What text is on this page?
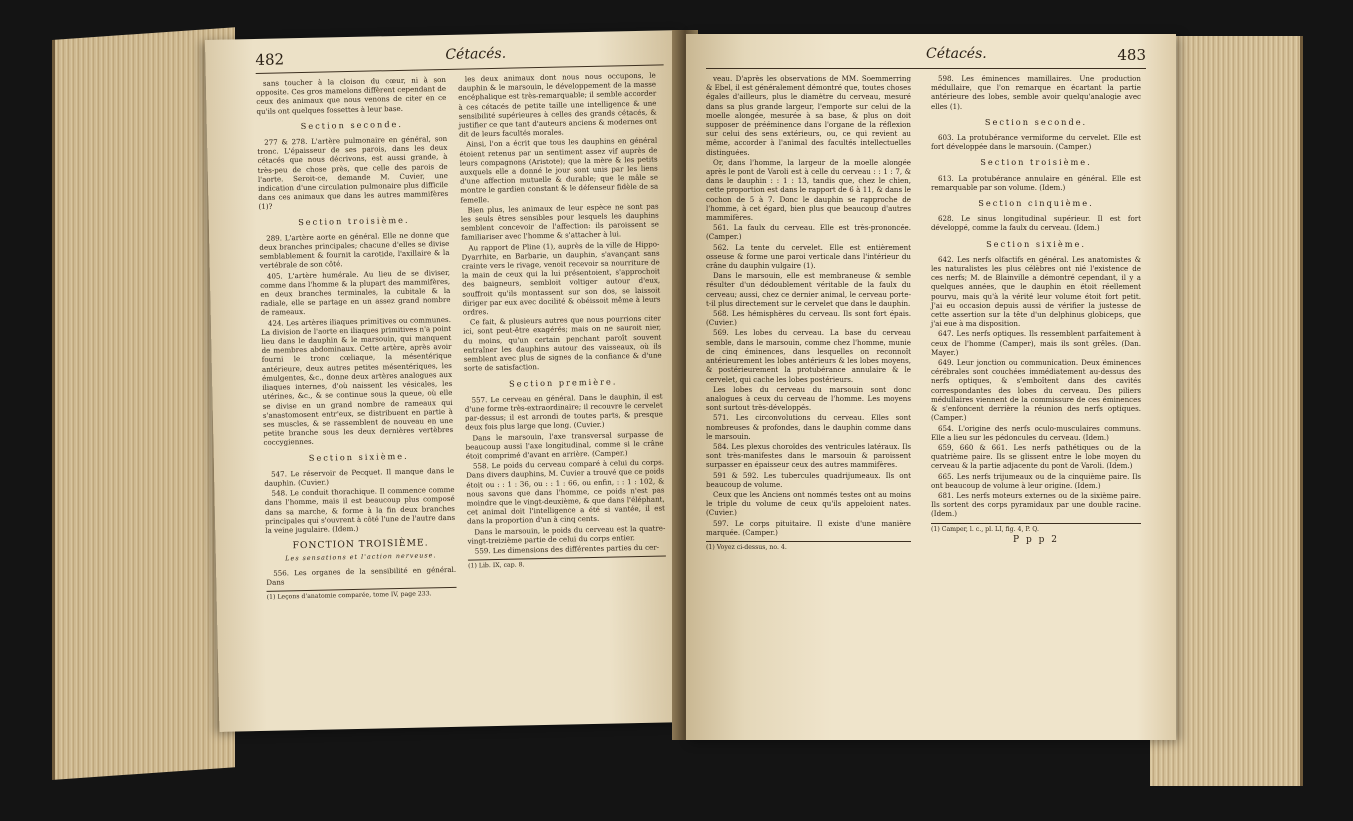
482	Cétacés.

sans toucher à la cloison du cœur, ni à son opposite. Ces gros mamelons diffèrent cependant de ceux des animaux que nous venons de citer en ce qu'ils ont quelques fossettes à leur base.

Section seconde.

277 & 278. L'artère pulmonaire en général, son tronc. L'épaisseur de ses parois, dans les deux cétacés que nous décrivons, est aussi grande, à très-peu de chose près, que celle des parois de l'aorte. Seroit-ce, demande M. Cuvier, une indication d'une circulation pulmonaire plus difficile dans ces animaux que dans les autres mammifères (1)?

Section troisième.

289. L'artère aorte en général. Elle ne donne que deux branches principales; chacune d'elles se divise semblablement & fournit la carotide, l'axillaire & la vertébrale de son côté.

405. L'artère humérale. Au lieu de se diviser, comme dans l'homme & la plupart des mammifères, en deux branches terminales, la cubitale & la radiale, elle se partage en un assez grand nombre de rameaux.

424. Les artères iliaques primitives ou communes. La division de l'aorte en iliaques primitives n'a point lieu dans le dauphin & le marsouin, qui manquent de membres abdominaux. Cette artère, après avoir fourni le tronc cœliaque, la mésentérique antérieure, deux autres petites mésentériques, les émulgentes, &c., donne deux artères analogues aux iliaques internes, d'où naissent les vésicales, les utérines, &c., & se continue sous la queue, où elle se divise en un grand nombre de rameaux qui s'anastomosent entr'eux, se distribuent en partie à ses muscles, & se rassemblent de nouveau en une petite branche sous les deux dernières vertèbres coccygiennes.

Section sixième.

547. Le réservoir de Pecquet. Il manque dans le dauphin. (Cuvier.)

548. Le conduit thorachique. Il commence comme dans l'homme, mais il est beaucoup plus composé dans sa marche, & forme à la fin deux branches principales qui s'ouvrent à côté l'une de l'autre dans la veine jugulaire. (Idem.)

FONCTION TROISIÈME.

Les sensations et l'action nerveuse.

556. Les organes de la sensibilité en général. Dans

(1) Leçons d'anatomie comparée, tome IV, page 233.

les deux animaux dont nous nous occupons, le dauphin & le marsouin, le développement de la masse encéphalique est très-remarquable; il semble accorder à ces cétacés de petite taille une intelligence & une sensibilité supérieures à celles des grands cétacés, & justifier ce que tant d'auteurs anciens & modernes ont dit de leurs facultés morales.

Ainsi, l'on a écrit que tous les dauphins en général étoient retenus par un sentiment assez vif auprès de leurs compagnons (Aristote); que la mère & les petits auxquels elle a donné le jour sont unis par les liens d'une affection mutuelle & durable; que le mâle se montre le gardien constant & le défenseur fidèle de sa femelle.

Bien plus, les animaux de leur espèce ne sont pas les seuls êtres sensibles pour lesquels les dauphins semblent concevoir de l'affection: ils paroissent se familiariser avec l'homme & s'attacher à lui.

Au rapport de Pline (1), auprès de la ville de Hippo-Dyarrhite, en Barbarie, un dauphin, s'avançant sans crainte vers le rivage, venoit recevoir sa nourriture de la main de ceux qui la lui présentoient, s'approchoit des baigneurs, sembloit voltiger autour d'eux, souffroit qu'ils montassent sur son dos, se laissoit diriger par eux avec docilité & obéissoit même à leurs ordres.

Ce fait, & plusieurs autres que nous pourrions citer ici, sont peut-être exagérés; mais on ne sauroit nier, du moins, qu'un certain penchant paroît souvent entraîner les dauphins autour des vaisseaux, où ils semblent avec plus de signes de la confiance & d'une sorte de satisfaction.

Section première.

557. Le cerveau en général. Dans le dauphin, il est d'une forme très-extraordinaire; il recouvre le cervelet par-dessus; il est arrondi de toutes parts, & presque deux fois plus large que long. (Cuvier.)

Dans le marsouin, l'axe transversal surpasse de beaucoup aussi l'axe longitudinal, comme si le crâne étoit comprimé d'avant en arrière. (Camper.)

558. Le poids du cerveau comparé à celui du corps. Dans divers dauphins, M. Cuvier a trouvé que ce poids étoit ou : : 1 : 36, ou : : 1 : 66, ou enfin, : : 1 : 102, & nous savons que dans l'homme, ce poids n'est pas moindre que le vingt-deuxième, & que dans l'éléphant, cet animal doit l'intelligence a été si vantée, il est dans la proportion d'un à cinq cents.

Dans le marsouin, le poids du cerveau est la quatre-vingt-treizième partie de celui du corps entier.

559. Les dimensions des différentes parties du cer-

(1) Lib. IX, cap. 8.

Cétacés.	483

veau. D'après les observations de MM. Soemmerring & Ebel, il est généralement démontré que, toutes choses égales d'ailleurs, plus le diamètre du cerveau, mesuré dans sa plus grande largeur, l'emporte sur celui de la moelle alongée, mesurée à sa base, & plus on doit supposer de prééminence dans l'organe de la réflexion sur celui des sens extérieurs, ou, ce qui revient au même, accorder à l'animal des facultés intellectuelles distinguées.

Or, dans l'homme, la largeur de la moelle alongée après le pont de Varoli est à celle du cerveau : : 1 : 7, & dans le dauphin : : 1 : 13, tandis que, chez le chien, cette proportion est dans le rapport de 6 à 11, & dans le cochon de 5 à 7. Donc le dauphin se rapproche de l'homme, à cet égard, bien plus que beaucoup d'autres mammifères.

561. La faulx du cerveau. Elle est très-prononcée. (Camper.)

562. La tente du cervelet. Elle est entièrement osseuse & forme une paroi verticale dans l'intérieur du crâne du dauphin vulgaire (1).

Dans le marsouin, elle est membraneuse & semble résulter d'un dédoublement véritable de la faulx du cerveau; aussi, chez ce dernier animal, le cerveau porte-t-il plus directement sur le cervelet que dans le dauphin.

568. Les hémisphères du cerveau. Ils sont fort épais. (Cuvier.)

569. Les lobes du cerveau. La base du cerveau semble, dans le marsouin, comme chez l'homme, munie de cinq éminences, dans lesquelles on reconnoît antérieurement les lobes antérieurs & les lobes moyens, & postérieurement la protubérance annulaire & le cervelet, qui cache les lobes postérieurs.

Les lobes du cerveau du marsouin sont donc analogues à ceux du cerveau de l'homme. Les moyens sont surtout très-développés.

571. Les circonvolutions du cerveau. Elles sont nombreuses & profondes, dans le dauphin comme dans le marsouin.

584. Les plexus choroïdes des ventricules latéraux. Ils sont très-manifestes dans le marsouin & paroissent surpasser en épaisseur ceux des autres mammifères.

591 & 592. Les tubercules quadrijumeaux. Ils ont beaucoup de volume.

Ceux que les Anciens ont nommés testes ont au moins le triple du volume de ceux qu'ils appeloient nates. (Cuvier.)

597. Le corps pituitaire. Il existe d'une manière marquée. (Camper.)

(1) Voyez ci-dessus, no. 4.

598. Les éminences mamillaires. Une production médullaire, que l'on remarque en écartant la partie antérieure des lobes, semble avoir quelqu'analogie avec elles (1).

Section seconde.

603. La protubérance vermiforme du cervelet. Elle est fort développée dans le marsouin. (Camper.)

Section troisième.

613. La protubérance annulaire en général. Elle est remarquable par son volume. (Idem.)

Section cinquième.

628. Le sinus longitudinal supérieur. Il est fort développé, comme la faulx du cerveau. (Idem.)

Section sixième.

642. Les nerfs olfactifs en général. Les anatomistes & les naturalistes les plus célèbres ont nié l'existence de ces nerfs; M. de Blainville a démontré cependant, il y a quelques années, que le dauphin en étoit réellement pourvu, mais qu'à la vérité leur volume étoit fort petit. J'ai eu occasion depuis aussi de vérifier la justesse de cette assertion sur la tête d'un delphinus globiceps, que j'ai eue à ma disposition.

647. Les nerfs optiques. Ils ressemblent parfaitement à ceux de l'homme (Camper), mais ils sont grêles. (Dan. Mayer.)

649. Leur jonction ou communication. Deux éminences cérébrales sont couchées immédiatement au-dessus des nerfs optiques, & s'emboîtent dans des cavités correspondantes des lobes du cerveau. Des piliers médullaires viennent de la commissure de ces éminences & s'enfoncent derrière la réunion des nerfs optiques. (Camper.)

654. L'origine des nerfs oculo-musculaires communs. Elle a lieu sur les pédoncules du cerveau. (Idem.)

659, 660 & 661. Les nerfs pathétiques ou de la quatrième paire. Ils se glissent entre le lobe moyen du cerveau & la partie adjacente du pont de Varoli. (Idem.)

665. Les nerfs trijumeaux ou de la cinquième paire. Ils ont beaucoup de volume à leur origine. (Idem.)

681. Les nerfs moteurs externes ou de la sixième paire. Ils sortent des corps pyramidaux par une double racine. (Idem.)

(1) Camper, l. c., pl. LI, fig. 4, P. Q.

P p p 2
